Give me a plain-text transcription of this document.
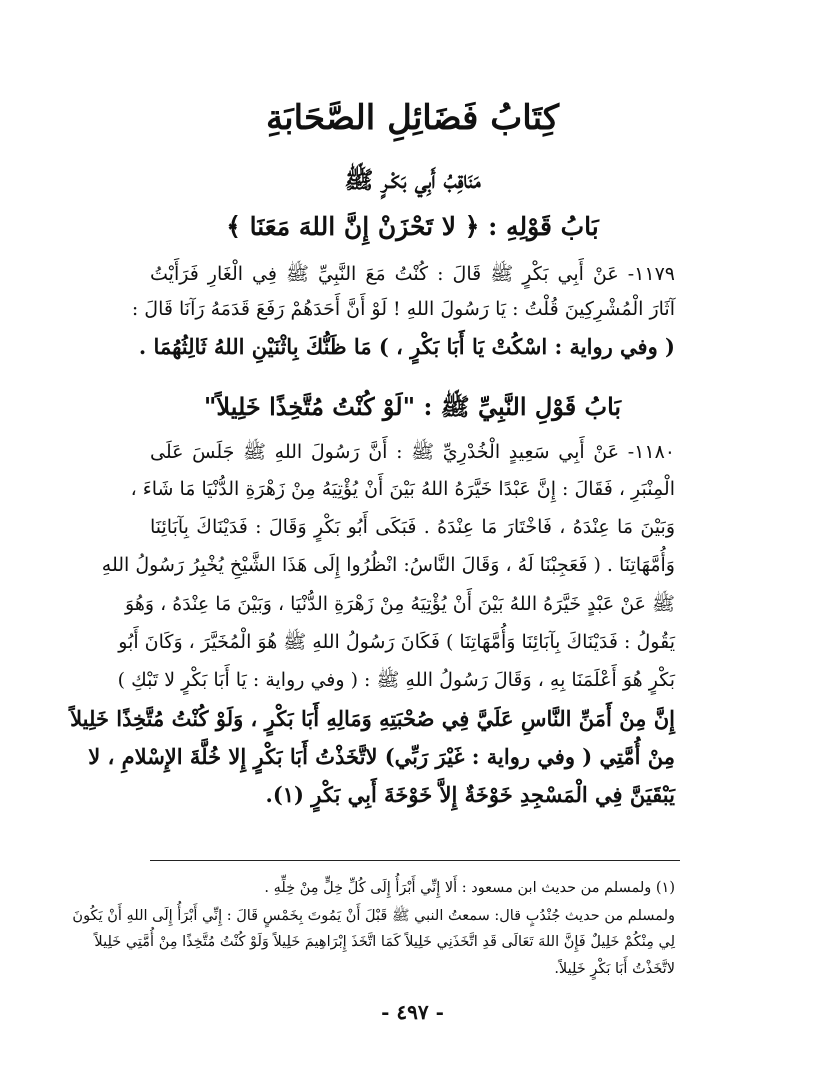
كِتَابُ فَضَائِلِ الصَّحَابَةِ
مَنَاقِبُ أَبِي بَكْـرٍ ﷺ
بَابُ قَوْلِهِ : ﴿ لا تَحْزَنْ إِنَّ اللهَ مَعَنَا ﴾
١١٧٩- عَنْ أَبِي بَكْرٍ ﷺ قَالَ : كُنْتُ مَعَ النَّبِيِّ ﷺ فِي الْغَارِ فَرَأَيْتُ
آثَارَ الْمُشْرِكِينَ قُلْتُ : يَا رَسُولَ اللهِ ! لَوْ أَنَّ أَحَدَهُمْ رَفَعَ قَدَمَهُ رَآنَا قَالَ :
( وفي رواية : اسْكُتْ يَا أَبَا بَكْرٍ ، ) مَا ظَنُّكَ بِاثْنَيْنِ اللهُ ثَالِثُهُمَا .
بَابُ قَوْلِ النَّبِيِّ ﷺ : "لَوْ كُنْتُ مُتَّخِذًا خَلِيلاً"
١١٨٠- عَنْ أَبِي سَعِيدٍ الْخُدْرِيِّ ﷺ : أَنَّ رَسُولَ اللهِ ﷺ جَلَسَ عَلَى
الْمِنْبَرِ ، فَقَالَ : إِنَّ عَبْدًا خَيَّرَهُ اللهُ بَيْنَ أَنْ يُؤْتِيَهُ مِنْ زَهْرَةِ الدُّنْيَا مَا شَاءَ ،
وَبَيْنَ مَا عِنْدَهُ ، فَاخْتَارَ مَا عِنْدَهُ . فَبَكَى أَبُو بَكْرٍ وَقَالَ : فَدَيْنَاكَ بِآبَائِنَا
وَأُمَّهَاتِنَا . ( فَعَجِبْنَا لَهُ ، وَقَالَ النَّاسُ: انْظُرُوا إِلَى هَذَا الشَّيْخِ يُخْبِرُ رَسُولُ اللهِ
ﷺ عَنْ عَبْدٍ خَيَّرَهُ اللهُ بَيْنَ أَنْ يُؤْتِيَهُ مِنْ زَهْرَةِ الدُّنْيَا ، وَبَيْنَ مَا عِنْدَهُ ، وَهُوَ
يَقُولُ : فَدَيْنَاكَ بِآبَائِنَا وَأُمَّهَاتِنَا ) فَكَانَ رَسُولُ اللهِ ﷺ هُوَ الْمُخَيَّرَ ، وَكَانَ أَبُو
بَكْرٍ هُوَ أَعْلَمَنَا بِهِ ، وَقَالَ رَسُولُ اللهِ ﷺ : ( وفي رواية : يَا أَبَا بَكْرٍ لا تَبْكِ )
إِنَّ مِنْ أَمَنِّ النَّاسِ عَلَيَّ فِي صُحْبَتِهِ وَمَالِهِ أَبَا بَكْرٍ ، وَلَوْ كُنْتُ مُتَّخِذًا خَلِيلاً
مِنْ أُمَّتِي ( وفي رواية : غَيْرَ رَبِّي) لاتَّخَذْتُ أَبَا بَكْرٍ إِلا خُلَّةَ الإِسْلامِ ، لا
يَبْقَيَنَّ فِي الْمَسْجِدِ خَوْخَةٌ إِلاَّ خَوْخَةَ أَبِي بَكْرٍ (١).
(١) ولمسلم من حديث ابن مسعود : أَلا إِنِّي أَبْرَأُ إِلَى كُلِّ خِلٍّ مِنْ خِلِّهِ .
ولمسلم من حديث جُنْدُبٍ قال: سمعتُ النبي ﷺ قَبْلَ أَنْ يَمُوتَ بِخَمْسٍ قَالَ : إِنِّي أَبْرَأُ إِلَى اللهِ أَنْ يَكُونَ
لِي مِنْكُمْ خَلِيلٌ فَإِنَّ اللهَ تَعَالَى قَدِ اتَّخَذَنِي خَلِيلاً كَمَا اتَّخَذَ إِبْرَاهِيمَ خَلِيلاً وَلَوْ كُنْتُ مُتَّخِذًا مِنْ أُمَّتِي خَلِيلاً
لاتَّخَذْتُ أَبَا بَكْرٍ خَلِيلاً.
- ٤٩٧ -
